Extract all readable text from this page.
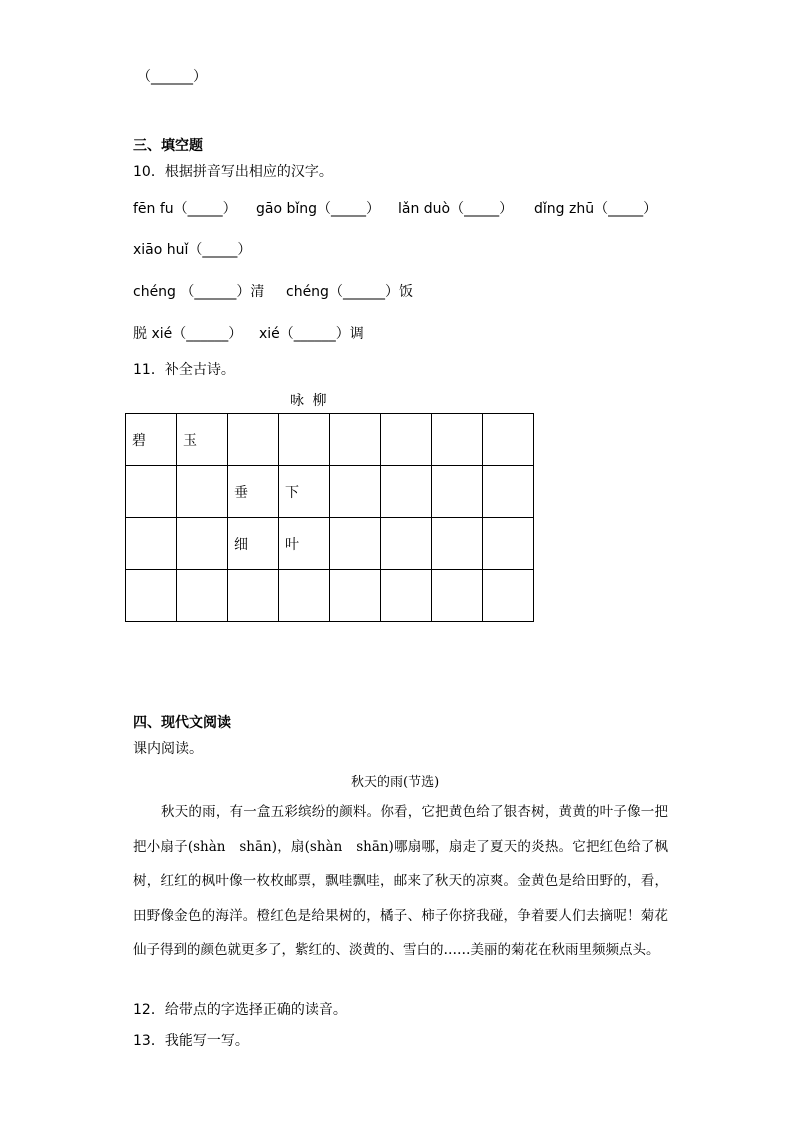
（______）
三、填空题
10．根据拼音写出相应的汉字。
fēn fu（_____） gāo bǐng（_____） lǎn duò（_____） dǐng zhū（_____）
xiāo huǐ（_____）
chéng （______）清 chéng（______）饭
脱 xié（______） xié（______）调
11．补全古诗。
咏 柳
碧	玉						
		垂	下				
		细	叶				

四、现代文阅读
课内阅读。
秋天的雨(节选)
秋天的雨，有一盒五彩缤纷的颜料。你看，它把黄色给了银杏树，黄黄的叶子像一把把小扇子(shàn　shān)，扇(shàn　shān)哪扇哪，扇走了夏天的炎热。它把红色给了枫树，红红的枫叶像一枚枚邮票，飘哇飘哇，邮来了秋天的凉爽。金黄色是给田野的，看，田野像金色的海洋。橙红色是给果树的，橘子、柿子你挤我碰，争着要人们去摘呢！菊花仙子得到的颜色就更多了，紫红的、淡黄的、雪白的……美丽的菊花在秋雨里频频点头。
12．给带点的字选择正确的读音。
13．我能写一写。
